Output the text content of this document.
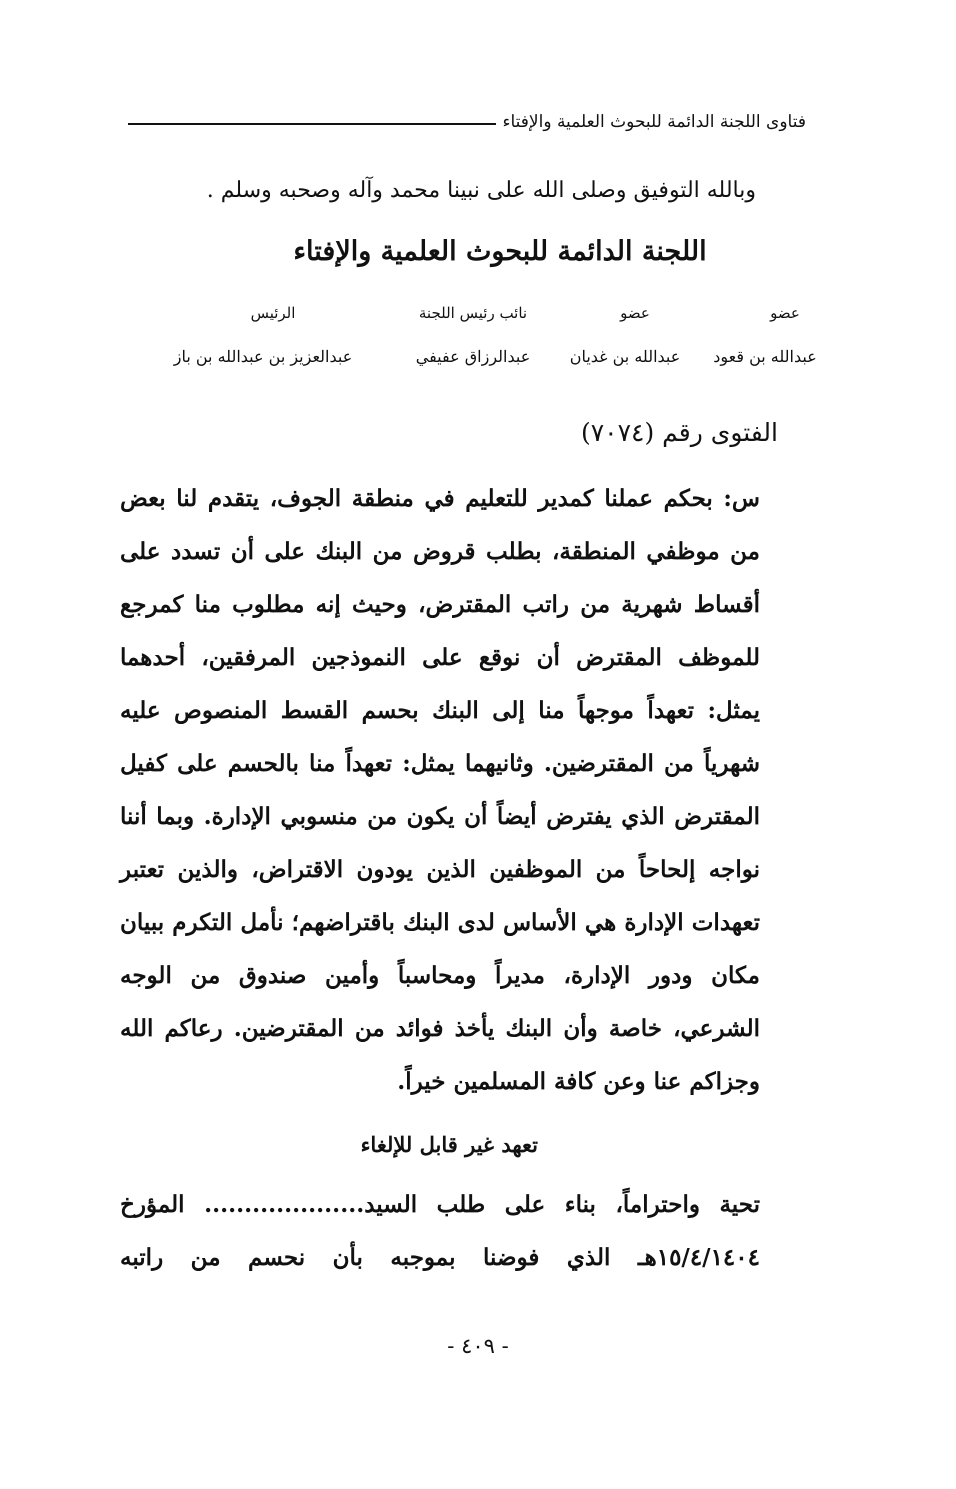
فتاوى اللجنة الدائمة للبحوث العلمية والإفتاء
وبالله التوفيق وصلى الله على نبينا محمد وآله وصحبه وسلم .
اللجنة الدائمة للبحوث العلمية والإفتاء
عضو
عبدالله بن قعود
عضو
عبدالله بن غديان
نائب رئيس اللجنة
عبدالرزاق عفيفي
الرئيس
عبدالعزيز بن عبدالله بن باز
الفتوى رقم (٧٠٧٤)
س: بحكم عملنا كمدير للتعليم في منطقة الجوف، يتقدم لنا بعض من موظفي المنطقة، بطلب قروض من البنك على أن تسدد على أقساط شهرية من راتب المقترض، وحيث إنه مطلوب منا كمرجع للموظف المقترض أن نوقع على النموذجين المرفقين، أحدهما يمثل: تعهداً موجهاً منا إلى البنك بحسم القسط المنصوص عليه شهرياً من المقترضين. وثانيهما يمثل: تعهداً منا بالحسم على كفيل المقترض الذي يفترض أيضاً أن يكون من منسوبي الإدارة. وبما أننا نواجه إلحاحاً من الموظفين الذين يودون الاقتراض، والذين تعتبر تعهدات الإدارة هي الأساس لدى البنك باقتراضهم؛ نأمل التكرم ببيان مكان ودور الإدارة، مديراً ومحاسباً وأمين صندوق من الوجه الشرعي، خاصة وأن البنك يأخذ فوائد من المقترضين. رعاكم الله وجزاكم عنا وعن كافة المسلمين خيراً.
تعهد غير قابل للإلغاء
تحية واحتراماً، بناء على طلب السيد.................... المؤرخ ١٥/٤/١٤٠٤هـ الذي فوضنا بموجبه بأن نحسم من راتبه
- ٤٠٩ -
